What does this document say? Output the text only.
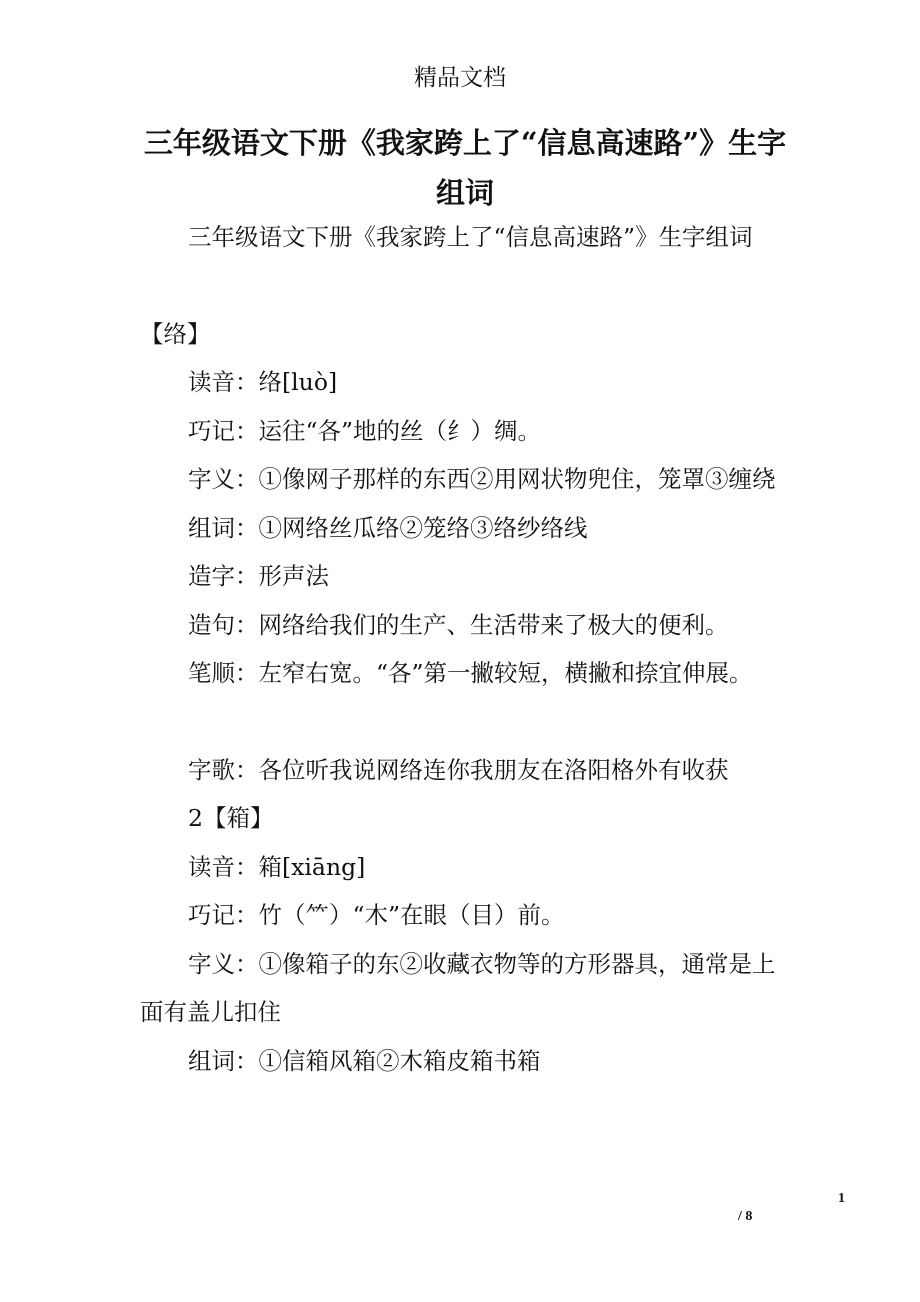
精品文档
三年级语文下册《我家跨上了“信息高速路”》生字组词

三年级语文下册《我家跨上了“信息高速路”》生字组词

【络】

读音：络[luò]

巧记：运往“各”地的丝（纟）绸。

字义：①像网子那样的东西②用网状物兜住，笼罩③缠绕

组词：①网络丝瓜络②笼络③络纱络线

造字：形声法

造句：网络给我们的生产、生活带来了极大的便利。

笔顺：左窄右宽。“各”第一撇较短，横撇和捺宜伸展。

字歌：各位听我说网络连你我朋友在洛阳格外有收获

2【箱】

读音：箱[xiāng]

巧记：竹（⺮）“木”在眼（目）前。

字义：①像箱子的东②收藏衣物等的方形器具，通常是上面有盖儿扣住

组词：①信箱风箱②木箱皮箱书箱

1
/ 8
